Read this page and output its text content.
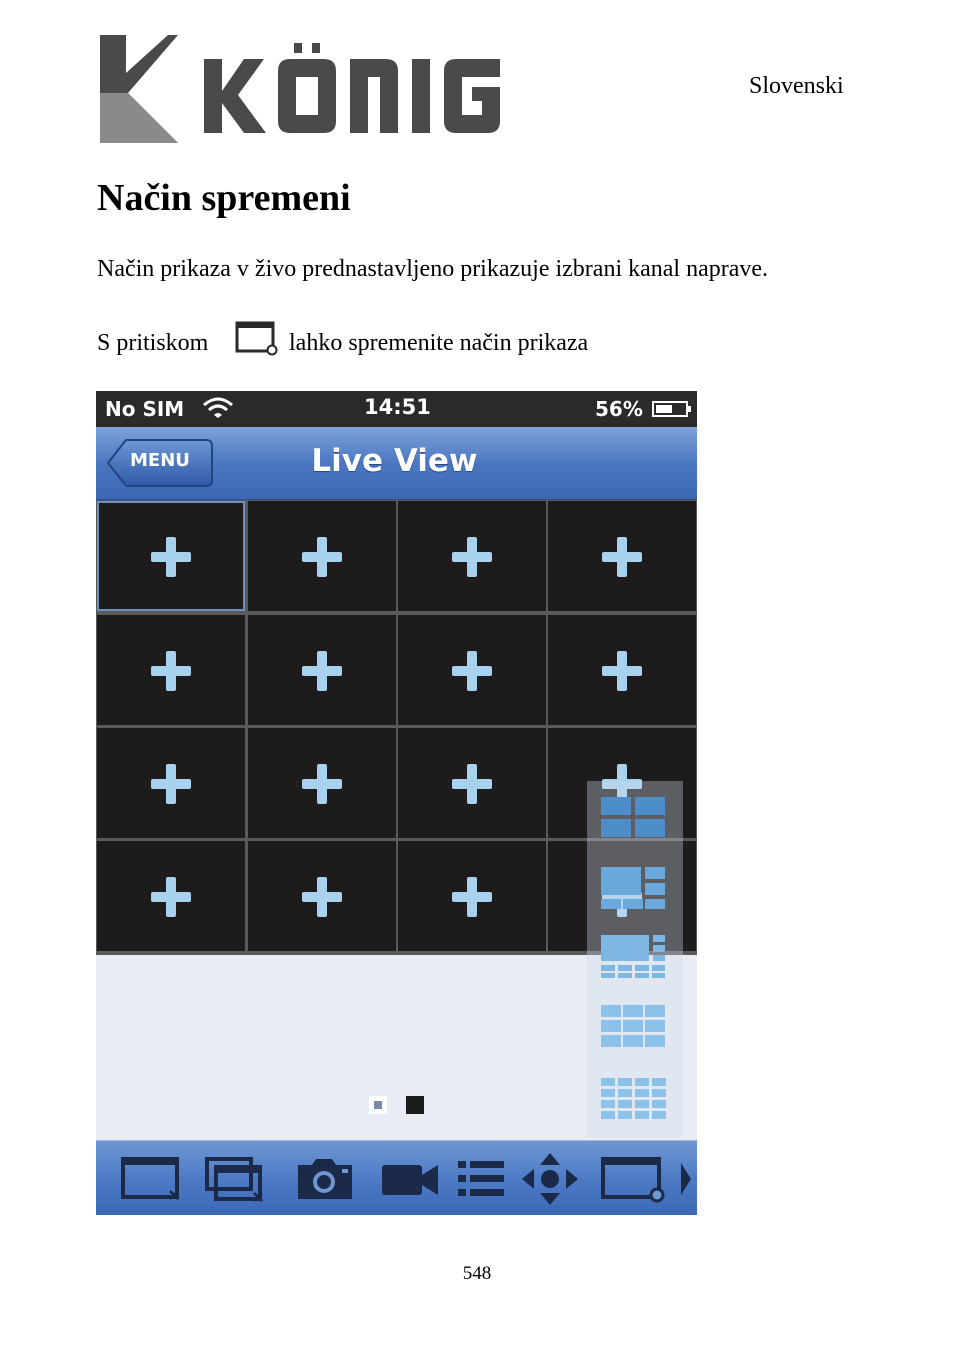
Slovenski
Način spremeni

Način prikaza v živo prednastavljeno prikazuje izbrani kanal naprave.

S pritiskom	lahko spremenite način prikaza
No SIM	14:51	56%
MENU	Live View
548
